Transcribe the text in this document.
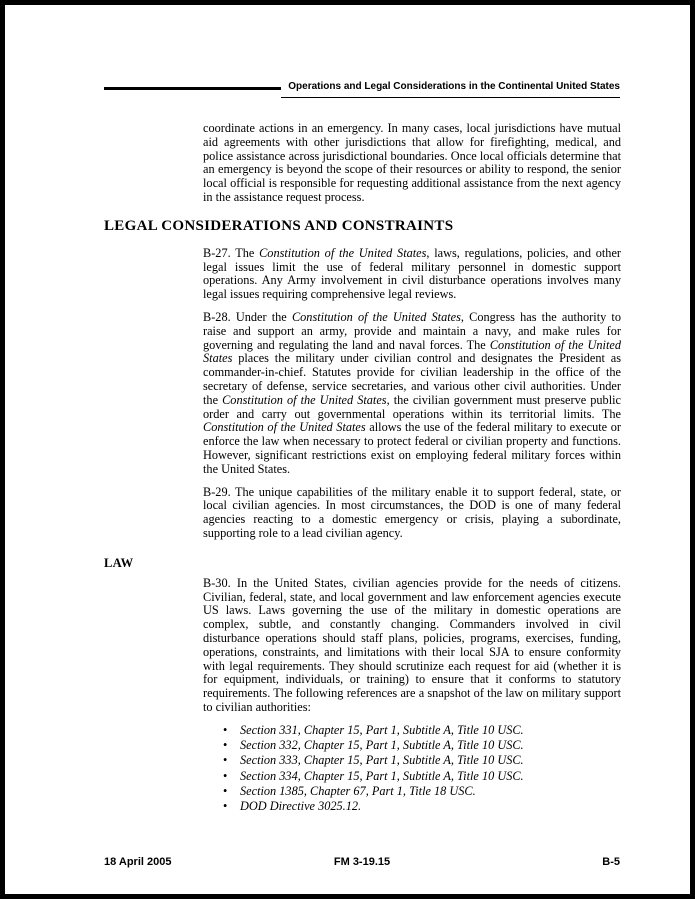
Operations and Legal Considerations in the Continental United States

coordinate actions in an emergency. In many cases, local jurisdictions have mutual aid agreements with other jurisdictions that allow for firefighting, medical, and police assistance across jurisdictional boundaries. Once local officials determine that an emergency is beyond the scope of their resources or ability to respond, the senior local official is responsible for requesting additional assistance from the next agency in the assistance request process.

LEGAL CONSIDERATIONS AND CONSTRAINTS

B-27. The Constitution of the United States, laws, regulations, policies, and other legal issues limit the use of federal military personnel in domestic support operations. Any Army involvement in civil disturbance operations involves many legal issues requiring comprehensive legal reviews.

B-28. Under the Constitution of the United States, Congress has the authority to raise and support an army, provide and maintain a navy, and make rules for governing and regulating the land and naval forces. The Constitution of the United States places the military under civilian control and designates the President as commander-in-chief. Statutes provide for civilian leadership in the office of the secretary of defense, service secretaries, and various other civil authorities. Under the Constitution of the United States, the civilian government must preserve public order and carry out governmental operations within its territorial limits. The Constitution of the United States allows the use of the federal military to execute or enforce the law when necessary to protect federal or civilian property and functions. However, significant restrictions exist on employing federal military forces within the United States.

B-29. The unique capabilities of the military enable it to support federal, state, or local civilian agencies. In most circumstances, the DOD is one of many federal agencies reacting to a domestic emergency or crisis, playing a subordinate, supporting role to a lead civilian agency.

LAW

B-30. In the United States, civilian agencies provide for the needs of citizens. Civilian, federal, state, and local government and law enforcement agencies execute US laws. Laws governing the use of the military in domestic operations are complex, subtle, and constantly changing. Commanders involved in civil disturbance operations should staff plans, policies, programs, exercises, funding, operations, constraints, and limitations with their local SJA to ensure conformity with legal requirements. They should scrutinize each request for aid (whether it is for equipment, individuals, or training) to ensure that it conforms to statutory requirements. The following references are a snapshot of the law on military support to civilian authorities:

• Section 331, Chapter 15, Part 1, Subtitle A, Title 10 USC.
• Section 332, Chapter 15, Part 1, Subtitle A, Title 10 USC.
• Section 333, Chapter 15, Part 1, Subtitle A, Title 10 USC.
• Section 334, Chapter 15, Part 1, Subtitle A, Title 10 USC.
• Section 1385, Chapter 67, Part 1, Title 18 USC.
• DOD Directive 3025.12.
18 April 2005	FM 3-19.15	B-5
